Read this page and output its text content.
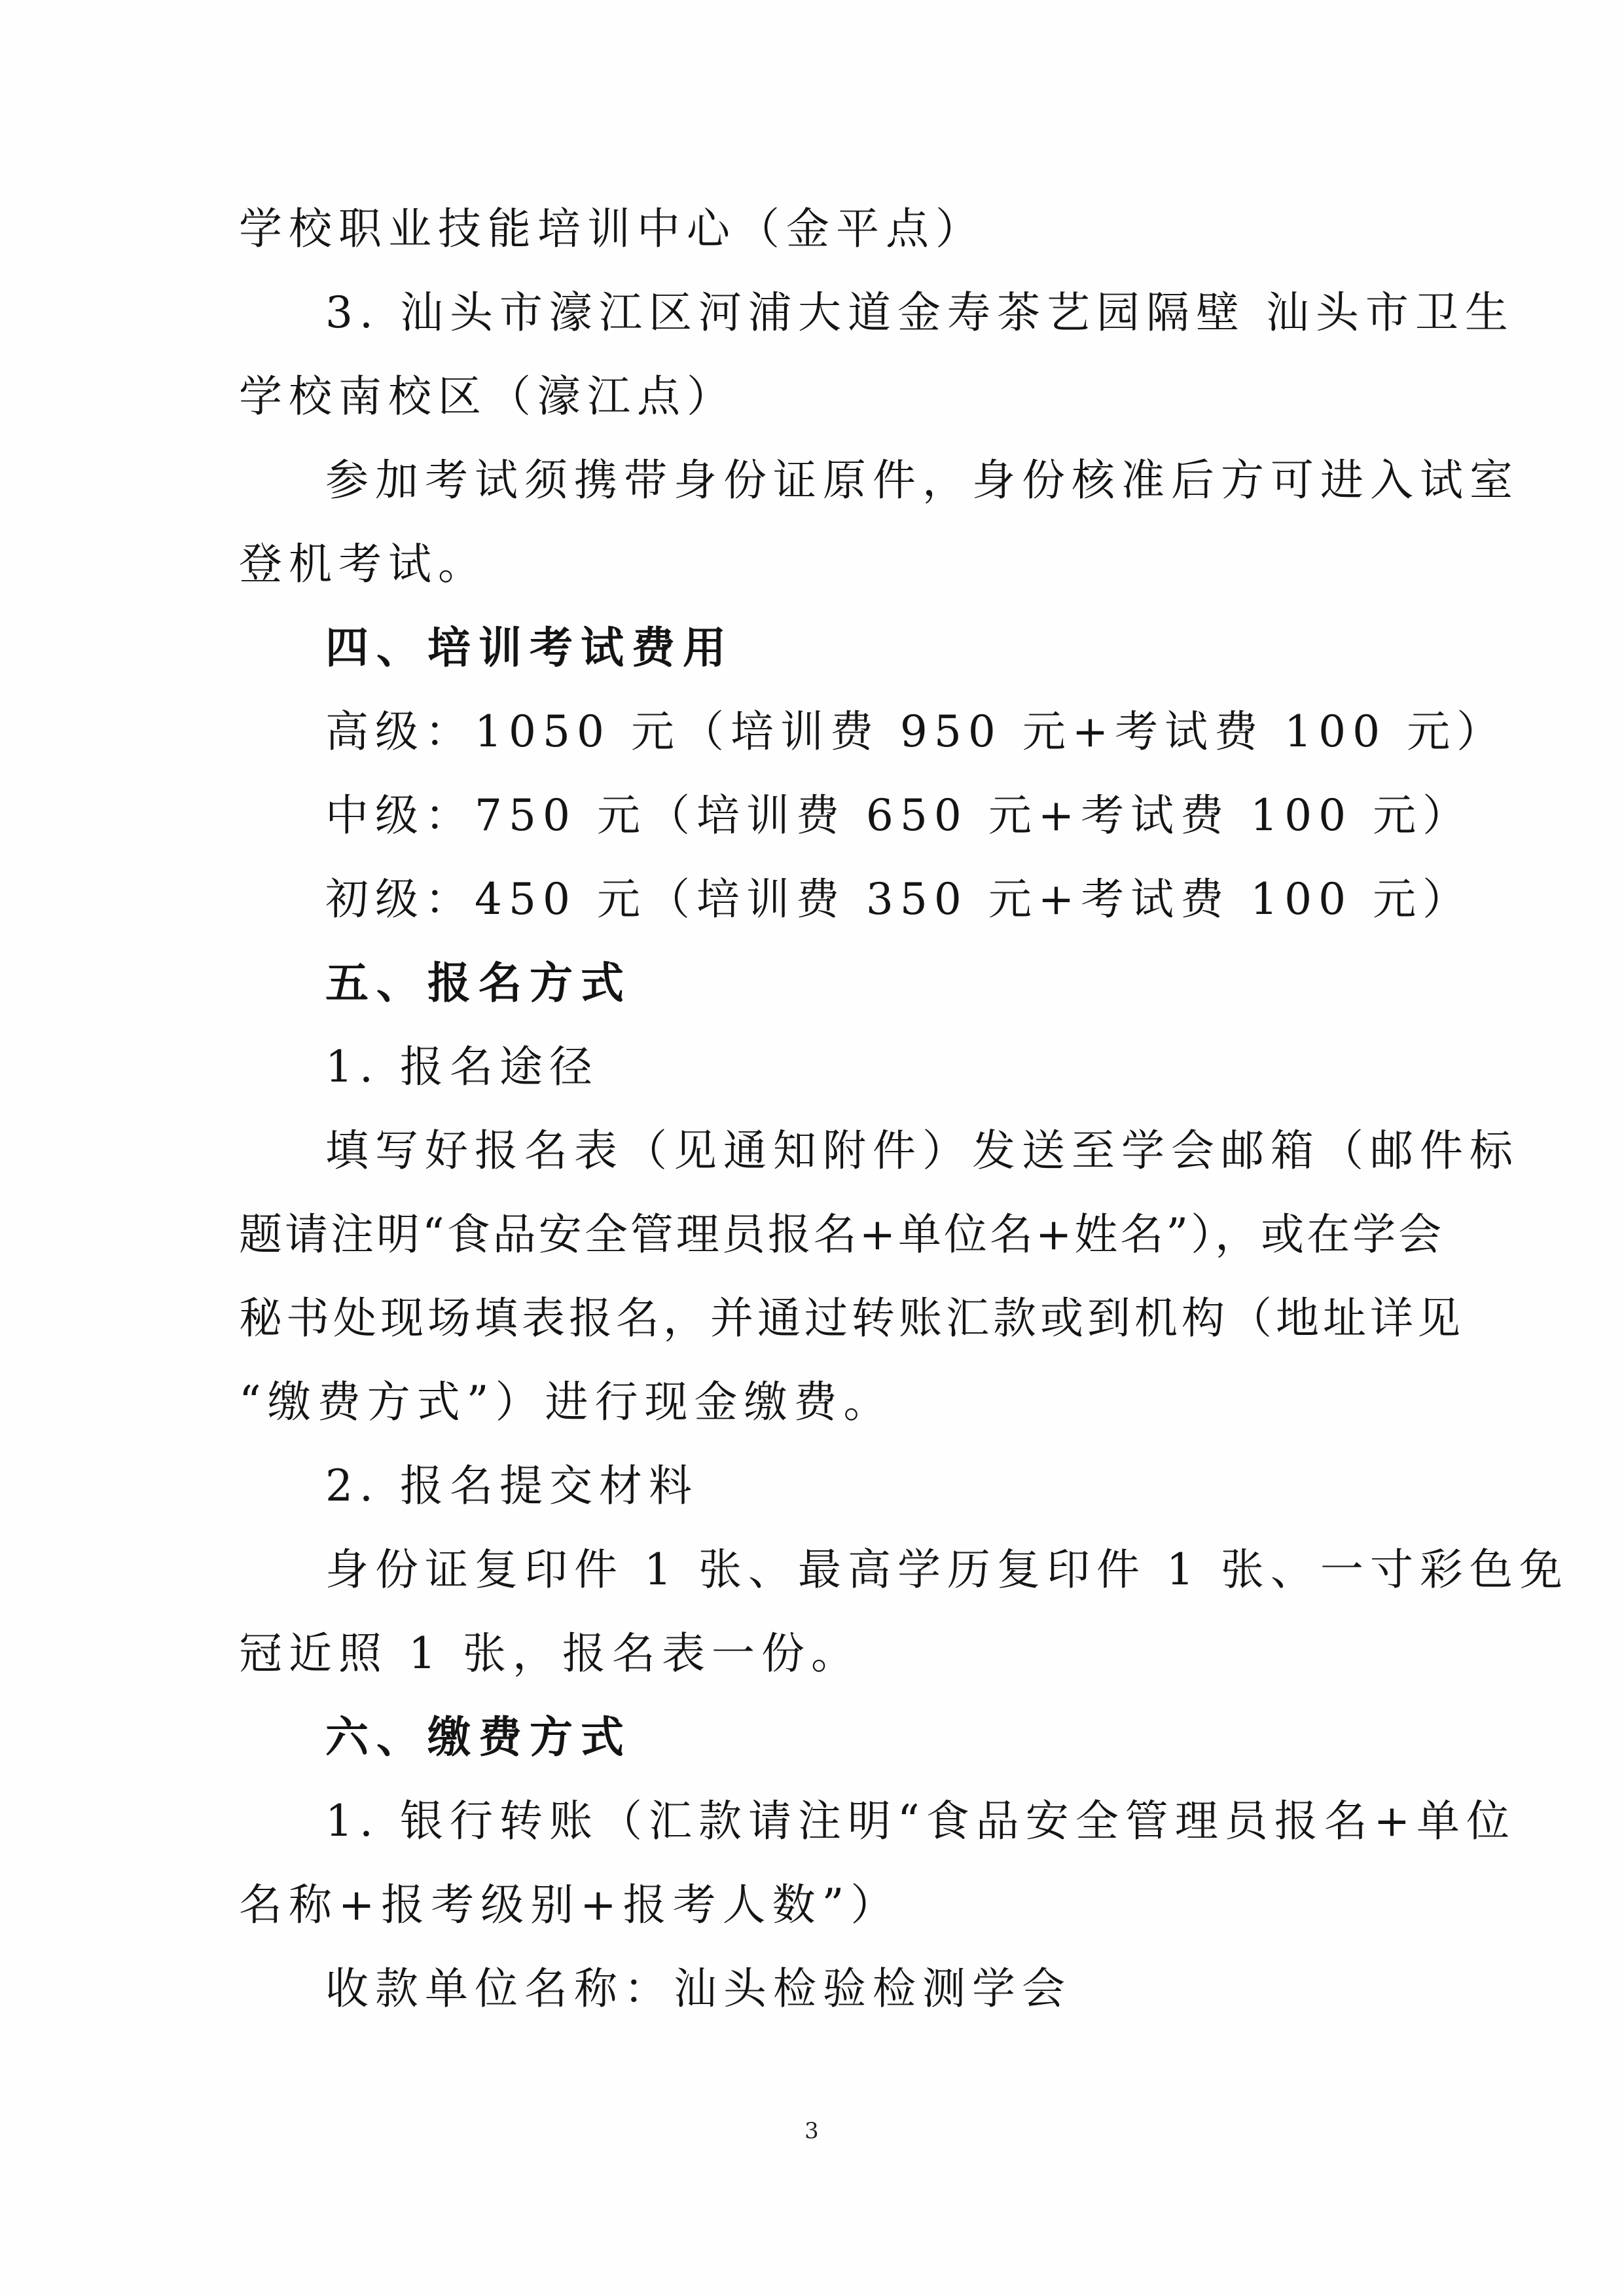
学校职业技能培训中心（金平点）
3. 汕头市濠江区河浦大道金寿茶艺园隔壁 汕头市卫生
学校南校区（濠江点）
参加考试须携带身份证原件，身份核准后方可进入试室
登机考试。
四、培训考试费用
高级：1050 元（培训费 950 元+考试费 100 元）
中级：750 元（培训费 650 元+考试费 100 元）
初级：450 元（培训费 350 元+考试费 100 元）
五、报名方式
1. 报名途径
填写好报名表（见通知附件）发送至学会邮箱（邮件标
题请注明“食品安全管理员报名+单位名+姓名”），或在学会
秘书处现场填表报名，并通过转账汇款或到机构（地址详见
“缴费方式”）进行现金缴费。
2. 报名提交材料
身份证复印件 1 张、最高学历复印件 1 张、一寸彩色免
冠近照 1 张，报名表一份。
六、缴费方式
1. 银行转账（汇款请注明“食品安全管理员报名+单位
名称+报考级别+报考人数”）
收款单位名称：汕头检验检测学会
3
